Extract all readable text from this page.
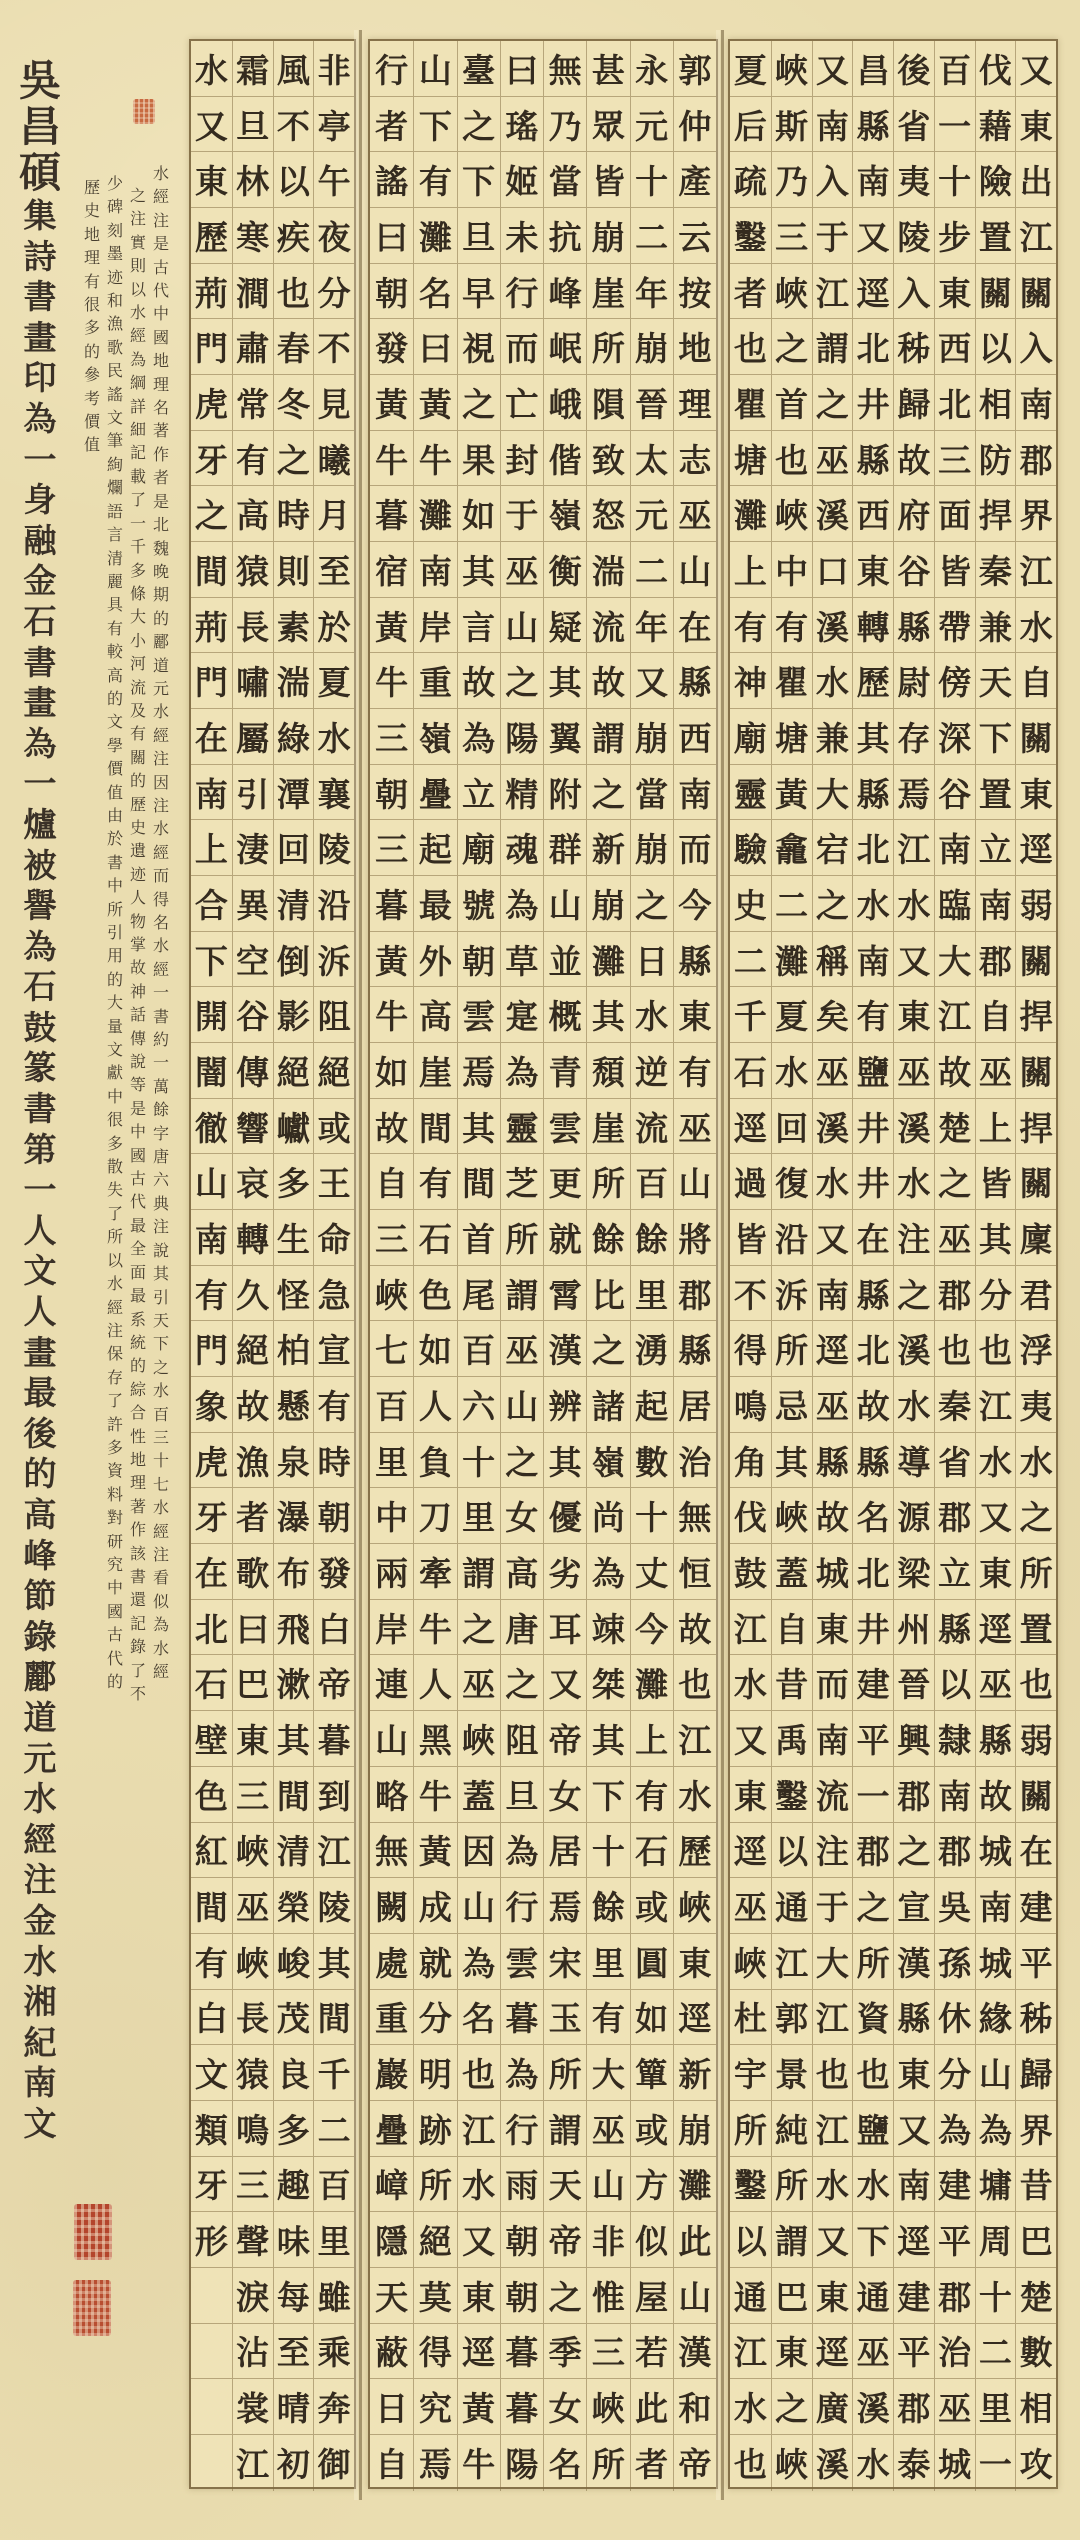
吳
昌
碩
集
詩
書
畫
印
為
一
身
融
金
石
書
畫
為
一
爐
被
譽
為
石
鼓
篆
書
第
一
人
文
人
畫
最
後
的
高
峰
節
錄
酈
道
元
水
經
注
金
水
湘
紀
南
文
水
經
注
是
古
代
中
國
地
理
名
著
作
者
是
北
魏
晚
期
的
酈
道
元
水
經
注
因
注
水
經
而
得
名
水
經
一
書
約
一
萬
餘
字
唐
六
典
注
說
其
引
天
下
之
水
百
三
十
七
水
經
注
看
似
為
水
經
之
注
實
則
以
水
經
為
綱
詳
細
記
載
了
一
千
多
條
大
小
河
流
及
有
關
的
歷
史
遺
迹
人
物
掌
故
神
話
傳
說
等
是
中
國
古
代
最
全
面
最
系
統
的
綜
合
性
地
理
著
作
該
書
還
記
錄
了
不
少
碑
刻
墨
迹
和
漁
歌
民
謠
文
筆
絢
爛
語
言
清
麗
具
有
較
高
的
文
學
價
值
由
於
書
中
所
引
用
的
大
量
文
獻
中
很
多
散
失
了
所
以
水
經
注
保
存
了
許
多
資
料
對
研
究
中
國
古
代
的
歷
史
地
理
有
很
多
的
參
考
價
值
又
東
出
江
關
入
南
郡
界
江
水
自
關
東
逕
弱
關
捍
關
捍
關
廩
君
浮
夷
水
之
所
置
也
弱
關
在
建
平
秭
歸
界
昔
巴
楚
數
相
攻
伐
藉
險
置
關
以
相
防
捍
秦
兼
天
下
置
立
南
郡
自
巫
上
皆
其
分
也
江
水
又
東
逕
巫
縣
故
城
南
城
緣
山
為
墉
周
十
二
里
一
百
一
十
步
東
西
北
三
面
皆
帶
傍
深
谷
南
臨
大
江
故
楚
之
巫
郡
也
秦
省
郡
立
縣
以
隸
南
郡
吳
孫
休
分
為
建
平
郡
治
巫
城
後
省
夷
陵
入
秭
歸
故
府
谷
縣
尉
存
焉
江
水
又
東
巫
溪
水
注
之
溪
水
導
源
梁
州
晉
興
郡
之
宣
漢
縣
東
又
南
逕
建
平
郡
泰
昌
縣
南
又
逕
北
井
縣
西
東
轉
歷
其
縣
北
水
南
有
鹽
井
井
在
縣
北
故
縣
名
北
井
建
平
一
郡
之
所
資
也
鹽
水
下
通
巫
溪
水
又
南
入
于
江
謂
之
巫
溪
口
溪
水
兼
大
宕
之
稱
矣
巫
溪
水
又
南
逕
巫
縣
故
城
東
而
南
流
注
于
大
江
也
江
水
又
東
逕
廣
溪
峽
斯
乃
三
峽
之
首
也
峽
中
有
瞿
塘
黃
龕
二
灘
夏
水
回
復
沿
泝
所
忌
其
峽
蓋
自
昔
禹
鑿
以
通
江
郭
景
純
所
謂
巴
東
之
峽
夏
后
疏
鑿
者
也
瞿
塘
灘
上
有
神
廟
靈
驗
史
二
千
石
逕
過
皆
不
得
鳴
角
伐
鼓
江
水
又
東
逕
巫
峽
杜
宇
所
鑿
以
通
江
水
也
郭
仲
產
云
按
地
理
志
巫
山
在
縣
西
南
而
今
縣
東
有
巫
山
將
郡
縣
居
治
無
恒
故
也
江
水
歷
峽
東
逕
新
崩
灘
此
山
漢
和
帝
永
元
十
二
年
崩
晉
太
元
二
年
又
崩
當
崩
之
日
水
逆
流
百
餘
里
湧
起
數
十
丈
今
灘
上
有
石
或
圓
如
簞
或
方
似
屋
若
此
者
甚
眾
皆
崩
崖
所
隕
致
怒
湍
流
故
謂
之
新
崩
灘
其
頹
崖
所
餘
比
之
諸
嶺
尚
為
竦
桀
其
下
十
餘
里
有
大
巫
山
非
惟
三
峽
所
無
乃
當
抗
峰
岷
峨
偕
嶺
衡
疑
其
翼
附
群
山
並
概
青
雲
更
就
霄
漢
辨
其
優
劣
耳
又
帝
女
居
焉
宋
玉
所
謂
天
帝
之
季
女
名
曰
瑤
姬
未
行
而
亡
封
于
巫
山
之
陽
精
魂
為
草
寔
為
靈
芝
所
謂
巫
山
之
女
高
唐
之
阻
旦
為
行
雲
暮
為
行
雨
朝
朝
暮
暮
陽
臺
之
下
旦
早
視
之
果
如
其
言
故
為
立
廟
號
朝
雲
焉
其
間
首
尾
百
六
十
里
謂
之
巫
峽
蓋
因
山
為
名
也
江
水
又
東
逕
黃
牛
山
下
有
灘
名
曰
黃
牛
灘
南
岸
重
嶺
疊
起
最
外
高
崖
間
有
石
色
如
人
負
刀
牽
牛
人
黑
牛
黃
成
就
分
明
跡
所
絕
莫
得
究
焉
行
者
謠
曰
朝
發
黃
牛
暮
宿
黃
牛
三
朝
三
暮
黃
牛
如
故
自
三
峽
七
百
里
中
兩
岸
連
山
略
無
闕
處
重
巖
疊
嶂
隱
天
蔽
日
自
非
亭
午
夜
分
不
見
曦
月
至
於
夏
水
襄
陵
沿
泝
阻
絕
或
王
命
急
宣
有
時
朝
發
白
帝
暮
到
江
陵
其
間
千
二
百
里
雖
乘
奔
御
風
不
以
疾
也
春
冬
之
時
則
素
湍
綠
潭
回
清
倒
影
絕
巘
多
生
怪
柏
懸
泉
瀑
布
飛
漱
其
間
清
榮
峻
茂
良
多
趣
味
每
至
晴
初
霜
旦
林
寒
澗
肅
常
有
高
猿
長
嘯
屬
引
淒
異
空
谷
傳
響
哀
轉
久
絕
故
漁
者
歌
曰
巴
東
三
峽
巫
峽
長
猿
鳴
三
聲
淚
沾
裳
江
水
又
東
歷
荊
門
虎
牙
之
間
荊
門
在
南
上
合
下
開
闇
徹
山
南
有
門
象
虎
牙
在
北
石
壁
色
紅
間
有
白
文
類
牙
形
